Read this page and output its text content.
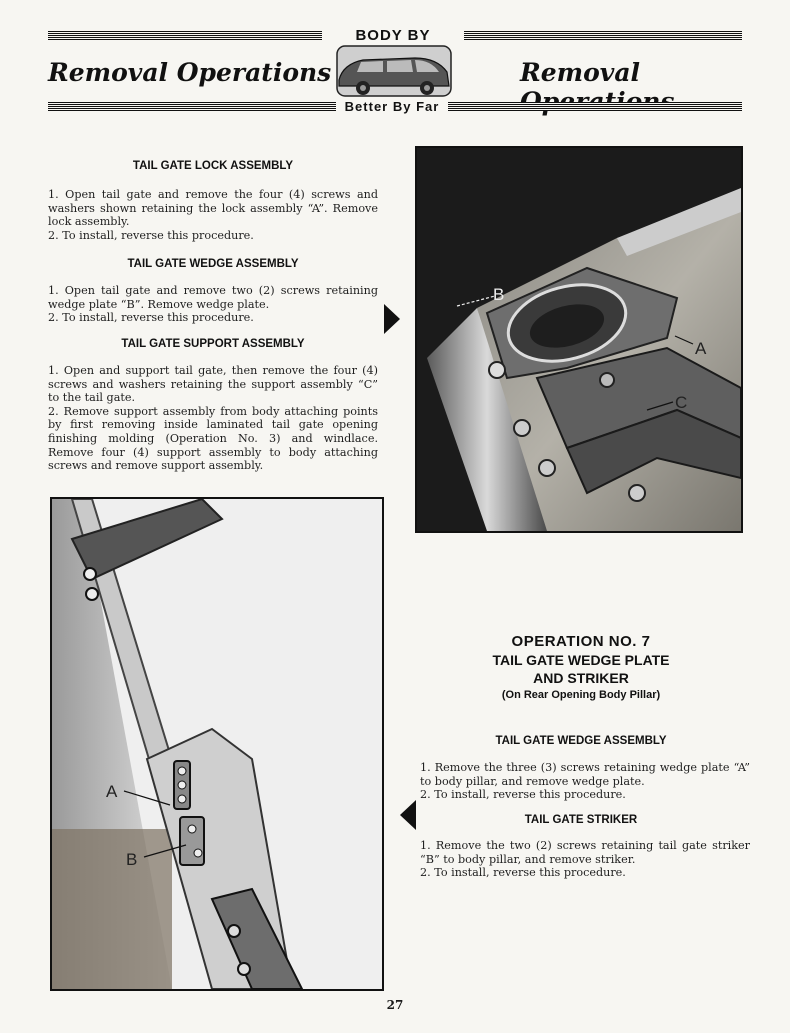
BODY BY
Removal Operations	Removal
Better By Far
TAIL GATE LOCK ASSEMBLY

1. Open tail gate and remove the four (4) screws and washers shown retaining the lock assembly “A”. Remove lock assembly.

2. To install, reverse this procedure.

TAIL GATE WEDGE ASSEMBLY

1. Open tail gate and remove two (2) screws retaining wedge plate “B”. Remove wedge plate.

2. To install, reverse this procedure.

TAIL GATE SUPPORT ASSEMBLY

1. Open and support tail gate, then remove the four (4) screws and washers retaining the support assembly “C” to the tail gate.

2. Remove support assembly from body attaching points by first removing inside laminated tail gate opening finishing molding (Operation No. 3) and windlace. Remove four (4) support assembly to body attaching screws and remove support assembly.

B
A
C
A
B
OPERATION NO. 7
TAIL GATE WEDGE PLATE
AND STRIKER
(On Rear Opening Body Pillar)
TAIL GATE WEDGE ASSEMBLY

1. Remove the three (3) screws retaining wedge plate “A” to body pillar, and remove wedge plate.

2. To install, reverse this procedure.

TAIL GATE STRIKER

1. Remove the two (2) screws retaining tail gate striker “B” to body pillar, and remove striker.

2. To install, reverse this procedure.

27
